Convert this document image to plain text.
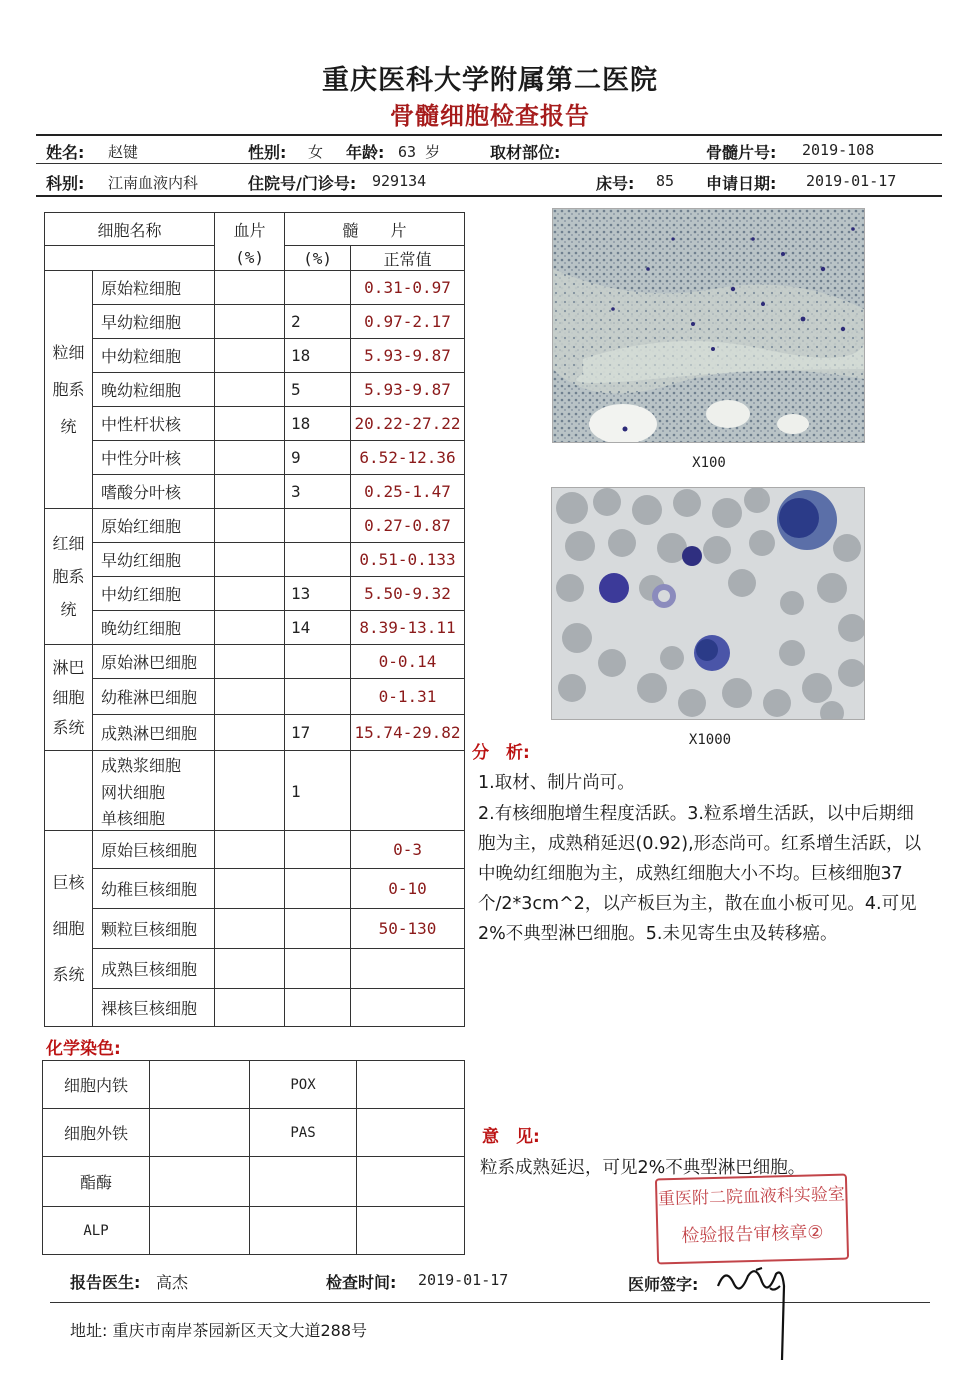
重庆医科大学附属第二医院
骨髓细胞检查报告
姓名: 赵键	性别: 女 年龄: 63 岁	取材部位:	骨髓片号: 2019-108
科别: 江南血液内科	住院号/门诊号: 929134	床号: 85 申请日期: 2019-01-17
细胞名称		血片	髓　　片	
		(%)	(%)	正常值
粒细胞系统	原始粒细胞			0.31-0.97
	早幼粒细胞		2	0.97-2.17
	中幼粒细胞		18	5.93-9.87
	晚幼粒细胞		5	5.93-9.87
	中性杆状核		18	20.22-27.22
	中性分叶核		9	6.52-12.36
	嗜酸分叶核		3	0.25-1.47
红细胞系统	原始红细胞			0.27-0.87
	早幼红细胞			0.51-0.133
	中幼红细胞		13	5.50-9.32
	晚幼红细胞		14	8.39-13.11
淋巴细胞系统	原始淋巴细胞			0-0.14
	幼稚淋巴细胞			0-1.31
	成熟淋巴细胞		17	15.74-29.82
	成熟浆细胞			
	网状细胞		1	
	单核细胞			
巨核细胞系统	原始巨核细胞			0-3
	幼稚巨核细胞			0-10
	颗粒巨核细胞			50-130
	成熟巨核细胞			
	裸核巨核细胞			
化学染色:
细胞内铁		POX	
细胞外铁		PAS	
酯酶			
ALP			
X100
X1000
分　析:

1.取材、制片尚可。

2.有核细胞增生程度活跃。3.粒系增生活跃，以中后期细胞为主，成熟稍延迟(0.92),形态尚可。红系增生活跃，以中晚幼红细胞为主，成熟红细胞大小不均。巨核细胞37个/2*3cm^2，以产板巨为主，散在血小板可见。4.可见2%不典型淋巴细胞。5.未见寄生虫及转移癌。

意　见:
粒系成熟延迟，可见2%不典型淋巴细胞。
重医附二院血液科实验室
检验报告审核章②
报告医生: 高杰	检查时间: 2019-01-17	医师签字:
地址: 重庆市南岸茶园新区天文大道288号
